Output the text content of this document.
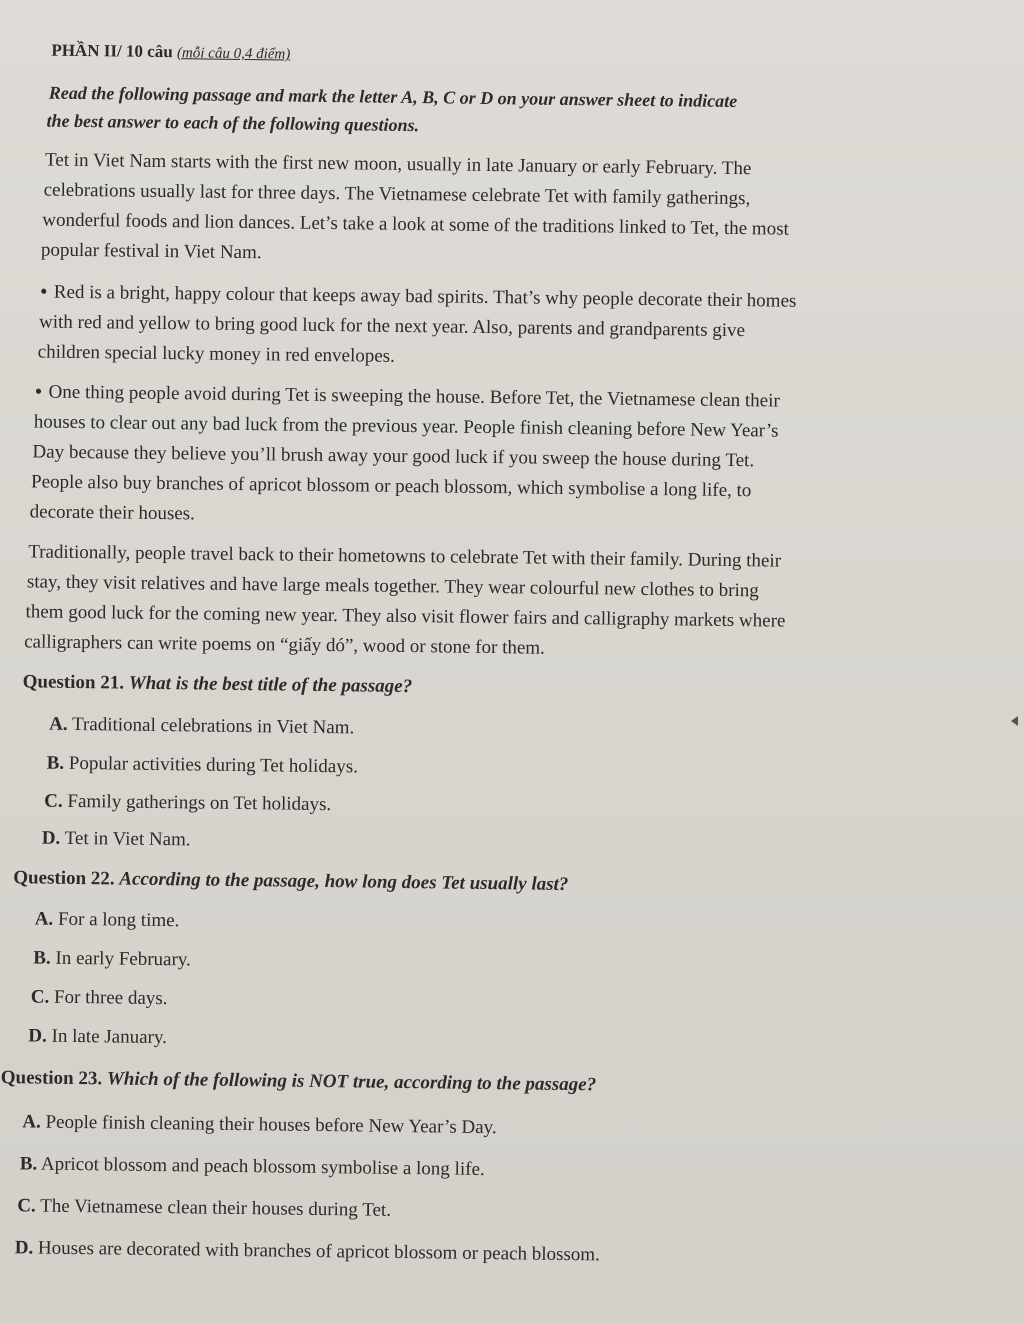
PHẦN II/ 10 câu (mỗi câu 0,4 điểm)
Read the following passage and mark the letter A, B, C or D on your answer sheet to indicate
the best answer to each of the following questions.
Tet in Viet Nam starts with the first new moon, usually in late January or early February. The
celebrations usually last for three days. The Vietnamese celebrate Tet with family gatherings,
wonderful foods and lion dances. Let’s take a look at some of the traditions linked to Tet, the most
popular festival in Viet Nam.
• Red is a bright, happy colour that keeps away bad spirits. That’s why people decorate their homes
with red and yellow to bring good luck for the next year. Also, parents and grandparents give
children special lucky money in red envelopes.
• One thing people avoid during Tet is sweeping the house. Before Tet, the Vietnamese clean their
houses to clear out any bad luck from the previous year. People finish cleaning before New Year’s
Day because they believe you’ll brush away your good luck if you sweep the house during Tet.
People also buy branches of apricot blossom or peach blossom, which symbolise a long life, to
decorate their houses.
Traditionally, people travel back to their hometowns to celebrate Tet with their family. During their
stay, they visit relatives and have large meals together. They wear colourful new clothes to bring
them good luck for the coming new year. They also visit flower fairs and calligraphy markets where
calligraphers can write poems on “giấy dó”, wood or stone for them.
Question 21. What is the best title of the passage?
A. Traditional celebrations in Viet Nam.
B. Popular activities during Tet holidays.
C. Family gatherings on Tet holidays.
D. Tet in Viet Nam.
Question 22. According to the passage, how long does Tet usually last?
A. For a long time.
B. In early February.
C. For three days.
D. In late January.
Question 23. Which of the following is NOT true, according to the passage?
A. People finish cleaning their houses before New Year’s Day.
B. Apricot blossom and peach blossom symbolise a long life.
C. The Vietnamese clean their houses during Tet.
D. Houses are decorated with branches of apricot blossom or peach blossom.
